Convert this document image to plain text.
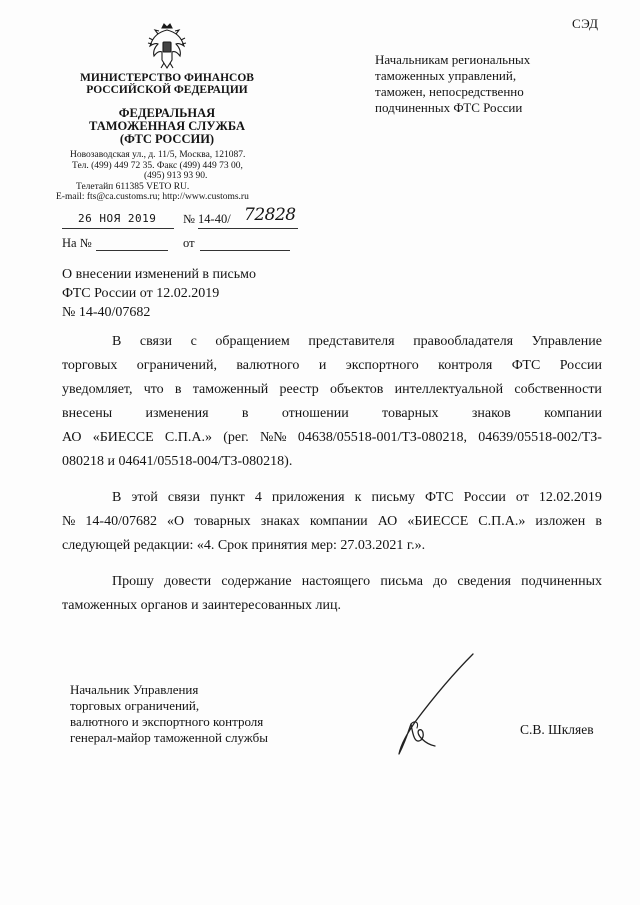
СЭД
МИНИСТЕРСТВО ФИНАНСОВ
РОССИЙСКОЙ ФЕДЕРАЦИИ
ФЕДЕРАЛЬНАЯ
ТАМОЖЕННАЯ СЛУЖБА
(ФТС РОССИИ)
Новозаводская ул., д. 11/5, Москва, 121087.
Тел. (499) 449 72 35. Факс (499) 449 73 00,
(495) 913 93 90.
Телетайп 611385 VETO RU.
E-mail: fts@ca.customs.ru; http://www.customs.ru
26 НОЯ 2019 № 14-40/ 72828
На №	от
Начальникам региональных
таможенных управлений,
таможен, непосредственно
подчиненных ФТС России
О внесении изменений в письмо
ФТС России от 12.02.2019
№ 14-40/07682
В связи с обращением представителя правообладателя Управление
торговых ограничений, валютного и экспортного контроля ФТС России
уведомляет, что в таможенный реестр объектов интеллектуальной собственности
внесены изменения в отношении товарных знаков компании
АО «БИЕССЕ С.П.А.» (рег. №№ 04638/05518-001/ТЗ-080218, 04639/05518-002/ТЗ-
080218 и 04641/05518-004/ТЗ-080218).
В этой связи пункт 4 приложения к письму ФТС России от 12.02.2019
№ 14-40/07682 «О товарных знаках компании АО «БИЕССЕ С.П.А.» изложен в
следующей редакции: «4. Срок принятия мер: 27.03.2021 г.».
Прошу довести содержание настоящего письма до сведения подчиненных
таможенных органов и заинтересованных лиц.
Начальник Управления
торговых ограничений,
валютного и экспортного контроля
генерал-майор таможенной службы
С.В. Шкляев
